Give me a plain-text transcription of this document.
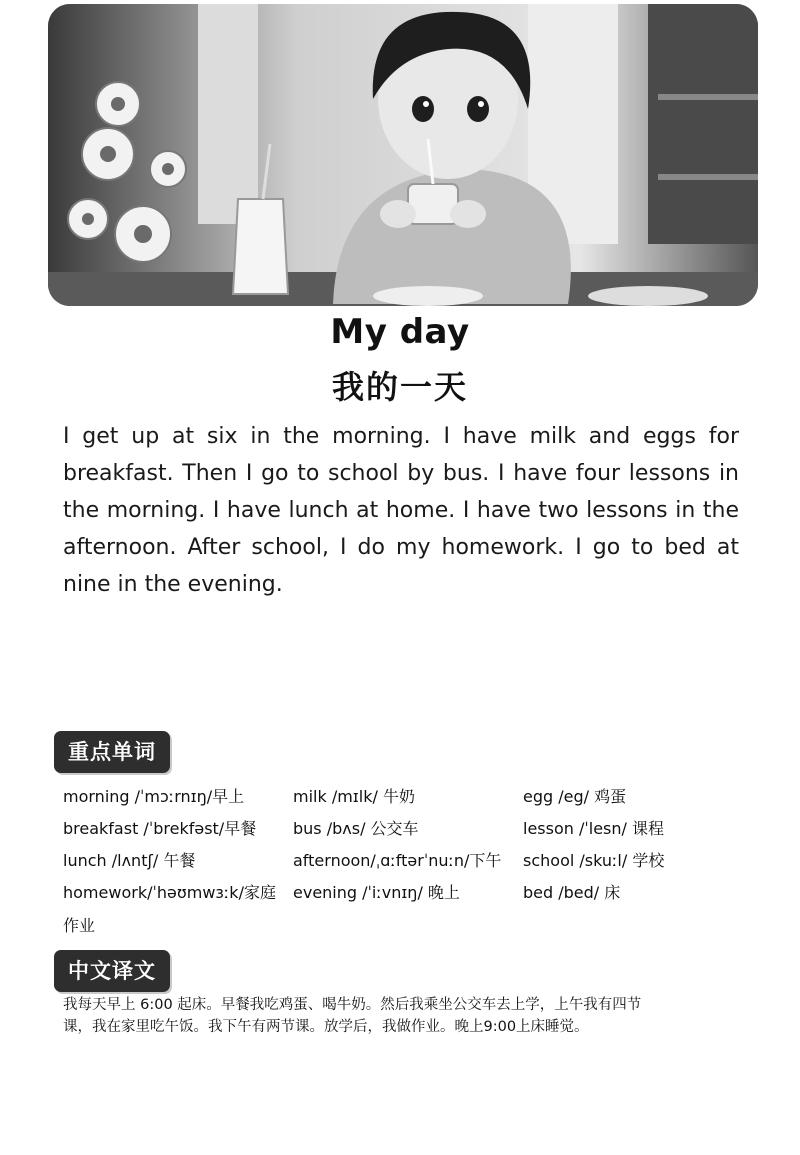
My day
我的一天

I get up at six in the morning. I have milk and eggs for breakfast. Then I go to school by bus. I have four lessons in the morning. I have lunch at home. I have two lessons in the afternoon. After school, I do my homework. I go to bed at nine in the evening.

重点单词
morning /ˈmɔːrnɪŋ/早上	milk /mɪlk/ 牛奶	egg /eg/ 鸡蛋
breakfast /ˈbrekfəst/早餐	bus /bʌs/ 公交车	lesson /ˈlesn/ 课程
lunch /lʌntʃ/ 午餐	afternoon/ˌɑːftərˈnuːn/下午	school /skuːl/ 学校
homework/ˈhəʊmwɜːk/家庭	evening /ˈiːvnɪŋ/ 晚上	bed /bed/ 床
作业
中文译文

我每天早上 6:00 起床。早餐我吃鸡蛋、喝牛奶。然后我乘坐公交车去上学，上午我有四节课，我在家里吃午饭。我下午有两节课。放学后，我做作业。晚上9:00上床睡觉。
